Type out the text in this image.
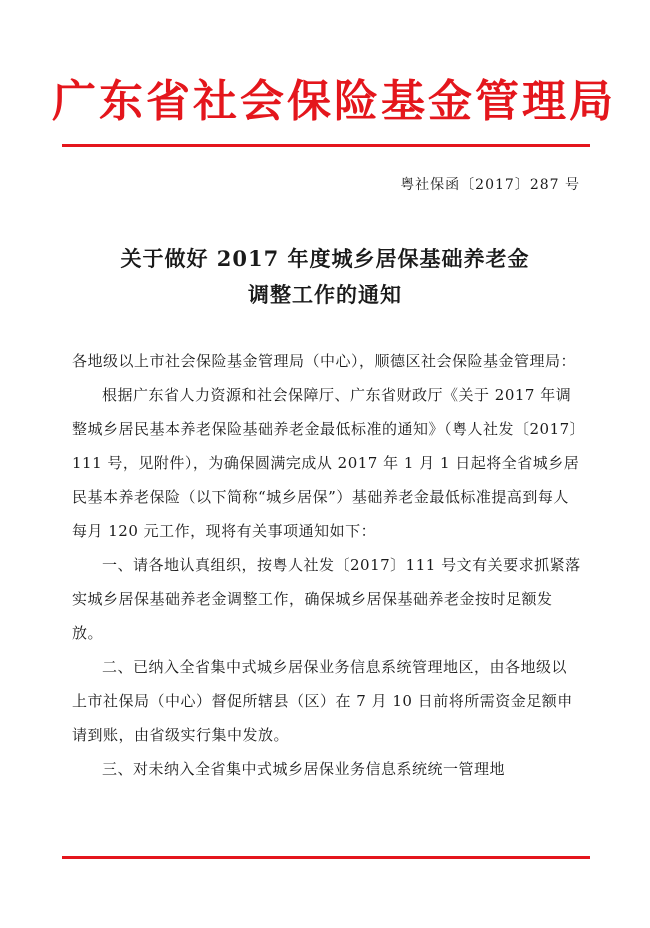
广东省社会保险基金管理局
粤社保函〔2017〕287 号
关于做好 2017 年度城乡居保基础养老金
调整工作的通知

各地级以上市社会保险基金管理局（中心），顺德区社会保险基金管理局：

根据广东省人力资源和社会保障厅、广东省财政厅《关于 2017 年调整城乡居民基本养老保险基础养老金最低标准的通知》（粤人社发〔2017〕111 号，见附件），为确保圆满完成从 2017 年 1 月 1 日起将全省城乡居民基本养老保险（以下简称“城乡居保”）基础养老金最低标准提高到每人每月 120 元工作，现将有关事项通知如下：

一、请各地认真组织，按粤人社发〔2017〕111 号文有关要求抓紧落实城乡居保基础养老金调整工作，确保城乡居保基础养老金按时足额发放。

二、已纳入全省集中式城乡居保业务信息系统管理地区，由各地级以上市社保局（中心）督促所辖县（区）在 7 月 10 日前将所需资金足额申请到账，由省级实行集中发放。

三、对未纳入全省集中式城乡居保业务信息系统统一管理地
